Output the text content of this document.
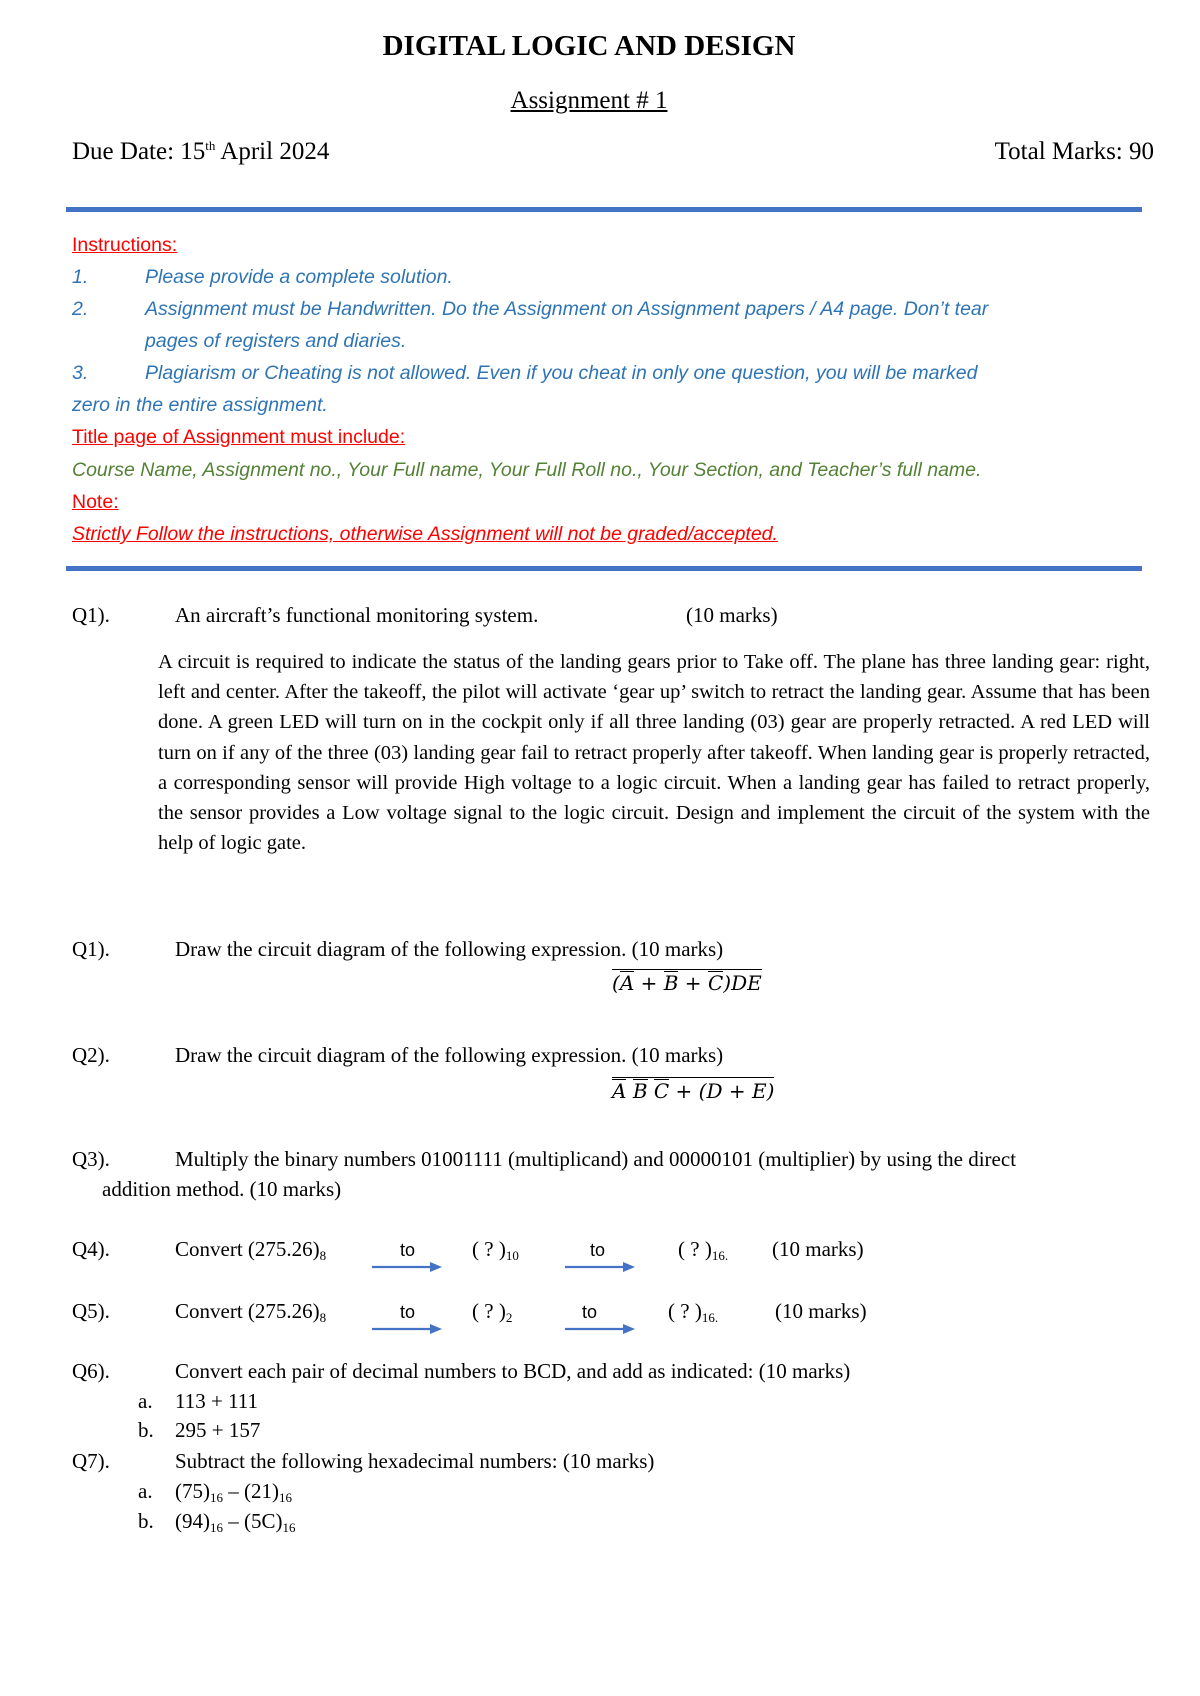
DIGITAL LOGIC AND DESIGN
Assignment # 1
Due Date: 15th April 2024	Total Marks: 90
Instructions:
1.	Please provide a complete solution.
2.	Assignment must be Handwritten. Do the Assignment on Assignment papers / A4 page. Don’t tear
pages of registers and diaries.
3.	Plagiarism or Cheating is not allowed. Even if you cheat in only one question, you will be marked
zero in the entire assignment.
Title page of Assignment must include:
Course Name, Assignment no., Your Full name, Your Full Roll no., Your Section, and Teacher’s full name.
Note:
Strictly Follow the instructions, otherwise Assignment will not be graded/accepted.
Q1).	An aircraft’s functional monitoring system.	(10 marks)
A circuit is required to indicate the status of the landing gears prior to Take off. The plane has three landing gear: right, left and center. After the takeoff, the pilot will activate ‘gear up’ switch to retract the landing gear. Assume that has been done. A green LED will turn on in the cockpit only if all three landing (03) gear are properly retracted. A red LED will turn on if any of the three (03) landing gear fail to retract properly after takeoff. When landing gear is properly retracted, a corresponding sensor will provide High voltage to a logic circuit. When a landing gear has failed to retract properly, the sensor provides a Low voltage signal to the logic circuit. Design and implement the circuit of the system with the help of logic gate.
Q1).	Draw the circuit diagram of the following expression. (10 marks)
(A + B + C)DE
Q2).	Draw the circuit diagram of the following expression. (10 marks)
A B C + (D + E)
Q3).	Multiply the binary numbers 01001111 (multiplicand) and 00000101 (multiplier) by using the direct
addition method. (10 marks)
Q4).	Convert $(275.26)_8$	to	( ? )$_{10}$	to	( ? )$_{16.}$ (10 marks)
Q5).	Convert $(275.26)_8$	to	( ? )$_2$	to	( ? )$_{16.}$	(10 marks)
Q6).	Convert each pair of decimal numbers to BCD, and add as indicated: (10 marks)
a. 113 + 111
b. 295 + 157
Q7).	Subtract the following hexadecimal numbers: (10 marks)
a. $(75)_{16} - (21)_{16}$
b. $(94)_{16} - (5C)_{16}$
